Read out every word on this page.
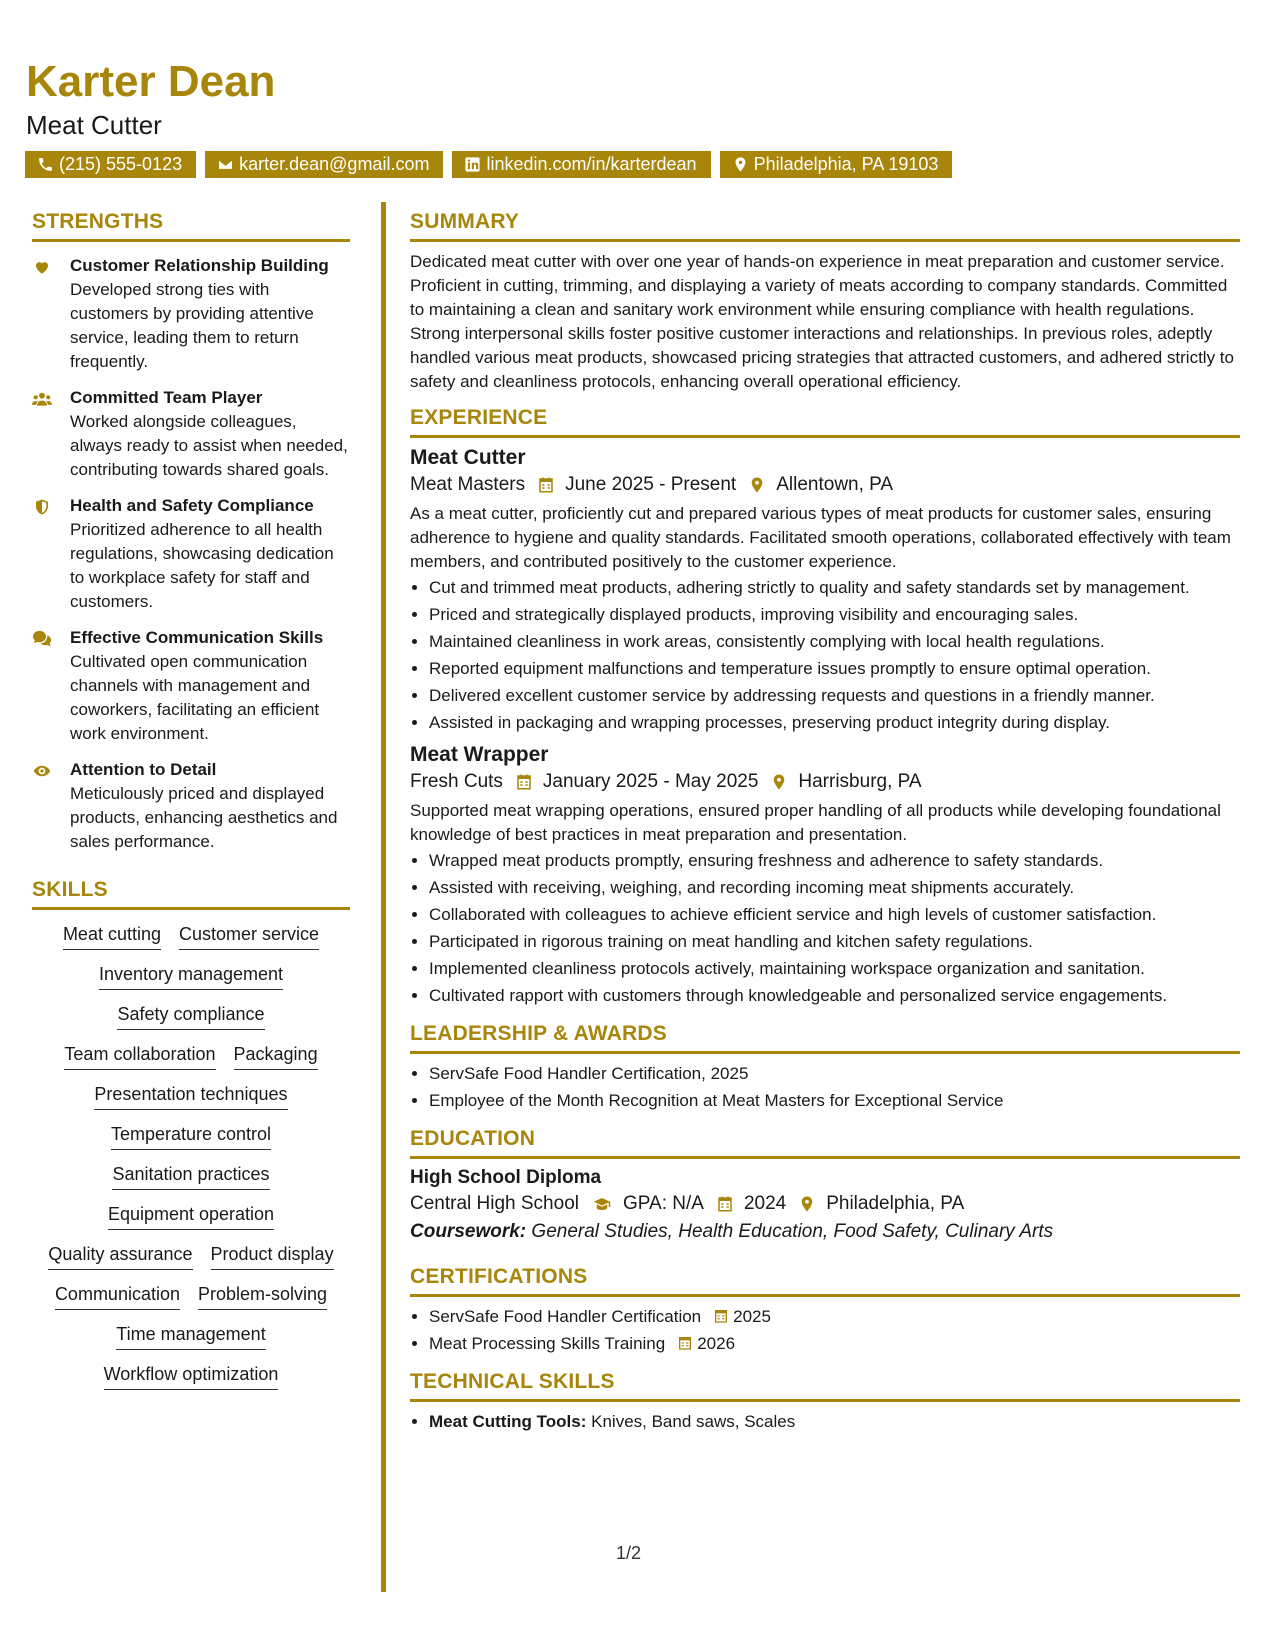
Karter Dean
Meat Cutter
(215) 555-0123	karter.dean@gmail.com	linkedin.com/in/karterdean	Philadelphia, PA 19103
STRENGTHS
Customer Relationship Building
Developed strong ties with customers by providing attentive service, leading them to return frequently.
Committed Team Player
Worked alongside colleagues, always ready to assist when needed, contributing towards shared goals.
Health and Safety Compliance
Prioritized adherence to all health regulations, showcasing dedication to workplace safety for staff and customers.
Effective Communication Skills
Cultivated open communication channels with management and coworkers, facilitating an efficient work environment.
Attention to Detail
Meticulously priced and displayed products, enhancing aesthetics and sales performance.
SKILLS
Meat cutting Customer service
Inventory management
Safety compliance
Team collaboration Packaging
Presentation techniques
Temperature control
Sanitation practices
Equipment operation
Quality assurance Product display
Communication Problem-solving
Time management
Workflow optimization
SUMMARY
Dedicated meat cutter with over one year of hands-on experience in meat preparation and customer service. Proficient in cutting, trimming, and displaying a variety of meats according to company standards. Committed to maintaining a clean and sanitary work environment while ensuring compliance with health regulations. Strong interpersonal skills foster positive customer interactions and relationships. In previous roles, adeptly handled various meat products, showcased pricing strategies that attracted customers, and adhered strictly to safety and cleanliness protocols, enhancing overall operational efficiency.
EXPERIENCE
Meat Cutter
Meat Masters June 2025 - Present Allentown, PA
As a meat cutter, proficiently cut and prepared various types of meat products for customer sales, ensuring adherence to hygiene and quality standards. Facilitated smooth operations, collaborated effectively with team members, and contributed positively to the customer experience.
• Cut and trimmed meat products, adhering strictly to quality and safety standards set by management.
• Priced and strategically displayed products, improving visibility and encouraging sales.
• Maintained cleanliness in work areas, consistently complying with local health regulations.
• Reported equipment malfunctions and temperature issues promptly to ensure optimal operation.
• Delivered excellent customer service by addressing requests and questions in a friendly manner.
• Assisted in packaging and wrapping processes, preserving product integrity during display.
Meat Wrapper
Fresh Cuts January 2025 - May 2025 Harrisburg, PA
Supported meat wrapping operations, ensured proper handling of all products while developing foundational knowledge of best practices in meat preparation and presentation.
• Wrapped meat products promptly, ensuring freshness and adherence to safety standards.
• Assisted with receiving, weighing, and recording incoming meat shipments accurately.
• Collaborated with colleagues to achieve efficient service and high levels of customer satisfaction.
• Participated in rigorous training on meat handling and kitchen safety regulations.
• Implemented cleanliness protocols actively, maintaining workspace organization and sanitation.
• Cultivated rapport with customers through knowledgeable and personalized service engagements.
LEADERSHIP & AWARDS
• ServSafe Food Handler Certification, 2025
• Employee of the Month Recognition at Meat Masters for Exceptional Service
EDUCATION
High School Diploma
Central High School GPA: N/A 2024 Philadelphia, PA
Coursework: General Studies, Health Education, Food Safety, Culinary Arts
CERTIFICATIONS
• ServSafe Food Handler Certification 2025
• Meat Processing Skills Training 2026
TECHNICAL SKILLS
• Meat Cutting Tools: Knives, Band saws, Scales
1/2
